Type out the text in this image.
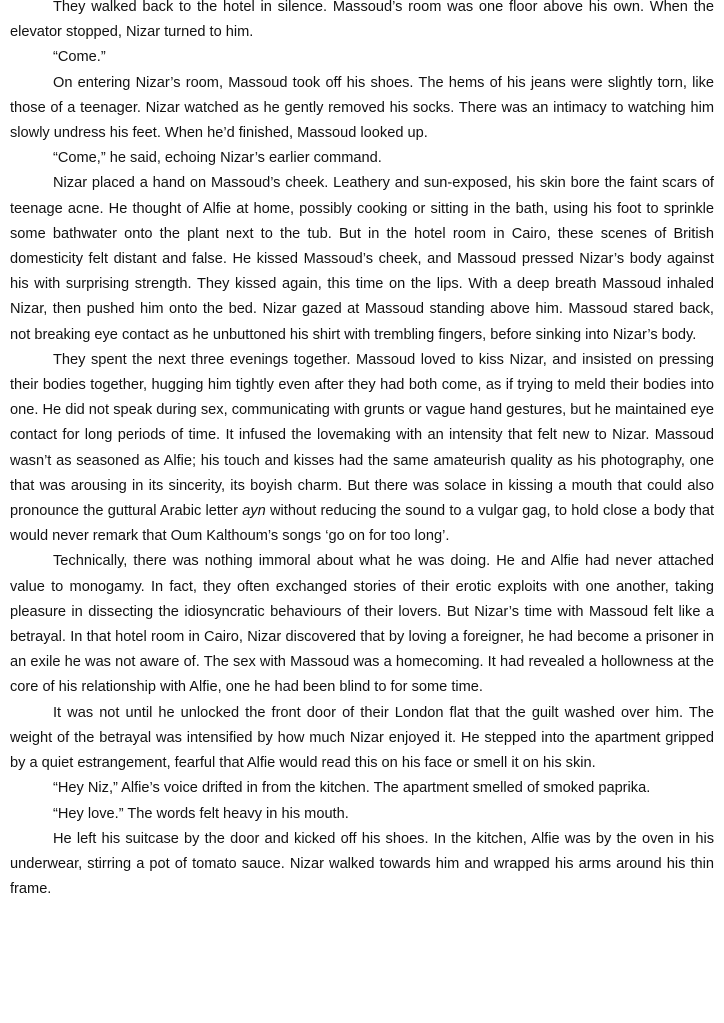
They walked back to the hotel in silence. Massoud’s room was one floor above his own. When the elevator stopped, Nizar turned to him.

“Come.”

On entering Nizar’s room, Massoud took off his shoes. The hems of his jeans were slightly torn, like those of a teenager. Nizar watched as he gently removed his socks. There was an intimacy to watching him slowly undress his feet. When he’d finished, Massoud looked up.

“Come,” he said, echoing Nizar’s earlier command.

Nizar placed a hand on Massoud’s cheek. Leathery and sun-exposed, his skin bore the faint scars of teenage acne. He thought of Alfie at home, possibly cooking or sitting in the bath, using his foot to sprinkle some bathwater onto the plant next to the tub. But in the hotel room in Cairo, these scenes of British domesticity felt distant and false. He kissed Massoud’s cheek, and Massoud pressed Nizar’s body against his with surprising strength. They kissed again, this time on the lips. With a deep breath Massoud inhaled Nizar, then pushed him onto the bed. Nizar gazed at Massoud standing above him. Massoud stared back, not breaking eye contact as he unbuttoned his shirt with trembling fingers, before sinking into Nizar’s body.

They spent the next three evenings together. Massoud loved to kiss Nizar, and insisted on pressing their bodies together, hugging him tightly even after they had both come, as if trying to meld their bodies into one. He did not speak during sex, communicating with grunts or vague hand gestures, but he maintained eye contact for long periods of time. It infused the lovemaking with an intensity that felt new to Nizar. Massoud wasn’t as seasoned as Alfie; his touch and kisses had the same amateurish quality as his photography, one that was arousing in its sincerity, its boyish charm. But there was solace in kissing a mouth that could also pronounce the guttural Arabic letter ayn without reducing the sound to a vulgar gag, to hold close a body that would never remark that Oum Kalthoum’s songs ‘go on for too long’.

Technically, there was nothing immoral about what he was doing. He and Alfie had never attached value to monogamy. In fact, they often exchanged stories of their erotic exploits with one another, taking pleasure in dissecting the idiosyncratic behaviours of their lovers. But Nizar’s time with Massoud felt like a betrayal. In that hotel room in Cairo, Nizar discovered that by loving a foreigner, he had become a prisoner in an exile he was not aware of. The sex with Massoud was a homecoming. It had revealed a hollowness at the core of his relationship with Alfie, one he had been blind to for some time.

It was not until he unlocked the front door of their London flat that the guilt washed over him. The weight of the betrayal was intensified by how much Nizar enjoyed it. He stepped into the apartment gripped by a quiet estrangement, fearful that Alfie would read this on his face or smell it on his skin.

“Hey Niz,” Alfie’s voice drifted in from the kitchen. The apartment smelled of smoked paprika.

“Hey love.” The words felt heavy in his mouth.

He left his suitcase by the door and kicked off his shoes. In the kitchen, Alfie was by the oven in his underwear, stirring a pot of tomato sauce. Nizar walked towards him and wrapped his arms around his thin frame.
